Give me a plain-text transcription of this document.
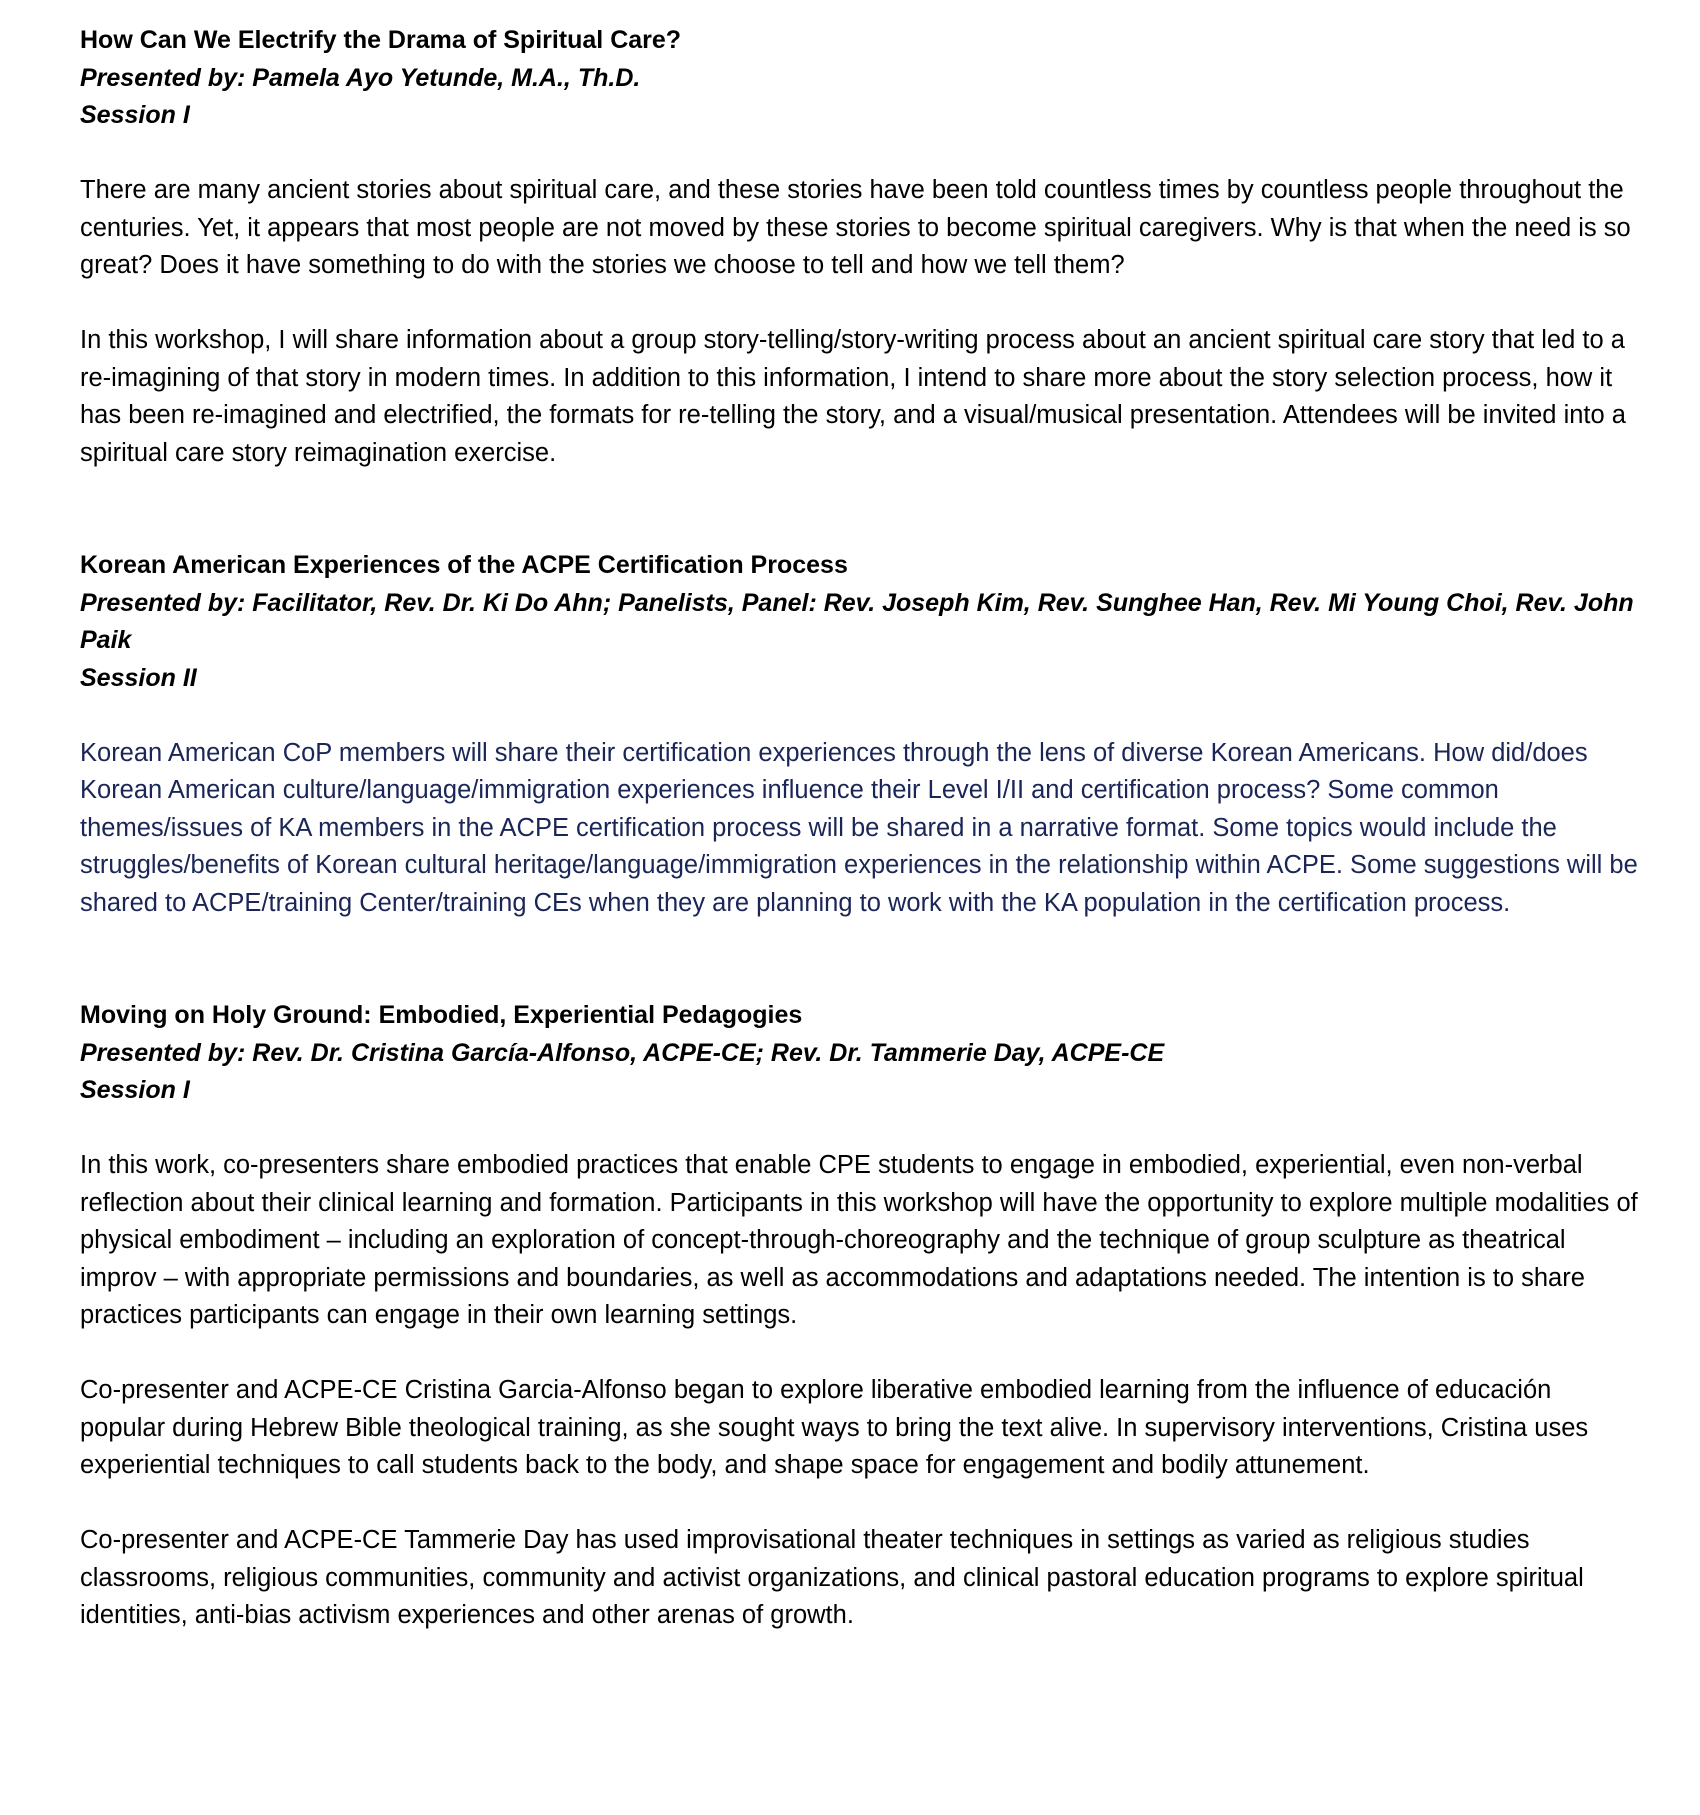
How Can We Electrify the Drama of Spiritual Care?
Presented by: Pamela Ayo Yetunde, M.A., Th.D.
Session I

There are many ancient stories about spiritual care, and these stories have been told countless times by countless people throughout the centuries. Yet, it appears that most people are not moved by these stories to become spiritual caregivers. Why is that when the need is so great? Does it have something to do with the stories we choose to tell and how we tell them?

In this workshop, I will share information about a group story-telling/story-writing process about an ancient spiritual care story that led to a re-imagining of that story in modern times. In addition to this information, I intend to share more about the story selection process, how it has been re-imagined and electrified, the formats for re-telling the story, and a visual/musical presentation. Attendees will be invited into a spiritual care story reimagination exercise.

Korean American Experiences of the ACPE Certification Process
Presented by: Facilitator, Rev. Dr. Ki Do Ahn; Panelists, Panel: Rev. Joseph Kim, Rev. Sunghee Han, Rev. Mi Young Choi, Rev. John Paik
Session II

Korean American CoP members will share their certification experiences through the lens of diverse Korean Americans. How did/does Korean American culture/language/immigration experiences influence their Level I/II and certification process? Some common themes/issues of KA members in the ACPE certification process will be shared in a narrative format. Some topics would include the struggles/benefits of Korean cultural heritage/language/immigration experiences in the relationship within ACPE. Some suggestions will be shared to ACPE/training Center/training CEs when they are planning to work with the KA population in the certification process.

Moving on Holy Ground: Embodied, Experiential Pedagogies
Presented by: Rev. Dr. Cristina García-Alfonso, ACPE-CE; Rev. Dr. Tammerie Day, ACPE-CE
Session I

In this work, co-presenters share embodied practices that enable CPE students to engage in embodied, experiential, even non-verbal reflection about their clinical learning and formation. Participants in this workshop will have the opportunity to explore multiple modalities of physical embodiment – including an exploration of concept-through-choreography and the technique of group sculpture as theatrical improv – with appropriate permissions and boundaries, as well as accommodations and adaptations needed. The intention is to share practices participants can engage in their own learning settings.

Co-presenter and ACPE-CE Cristina Garcia-Alfonso began to explore liberative embodied learning from the influence of educación popular during Hebrew Bible theological training, as she sought ways to bring the text alive. In supervisory interventions, Cristina uses experiential techniques to call students back to the body, and shape space for engagement and bodily attunement.

Co-presenter and ACPE-CE Tammerie Day has used improvisational theater techniques in settings as varied as religious studies classrooms, religious communities, community and activist organizations, and clinical pastoral education programs to explore spiritual identities, anti-bias activism experiences and other arenas of growth.
